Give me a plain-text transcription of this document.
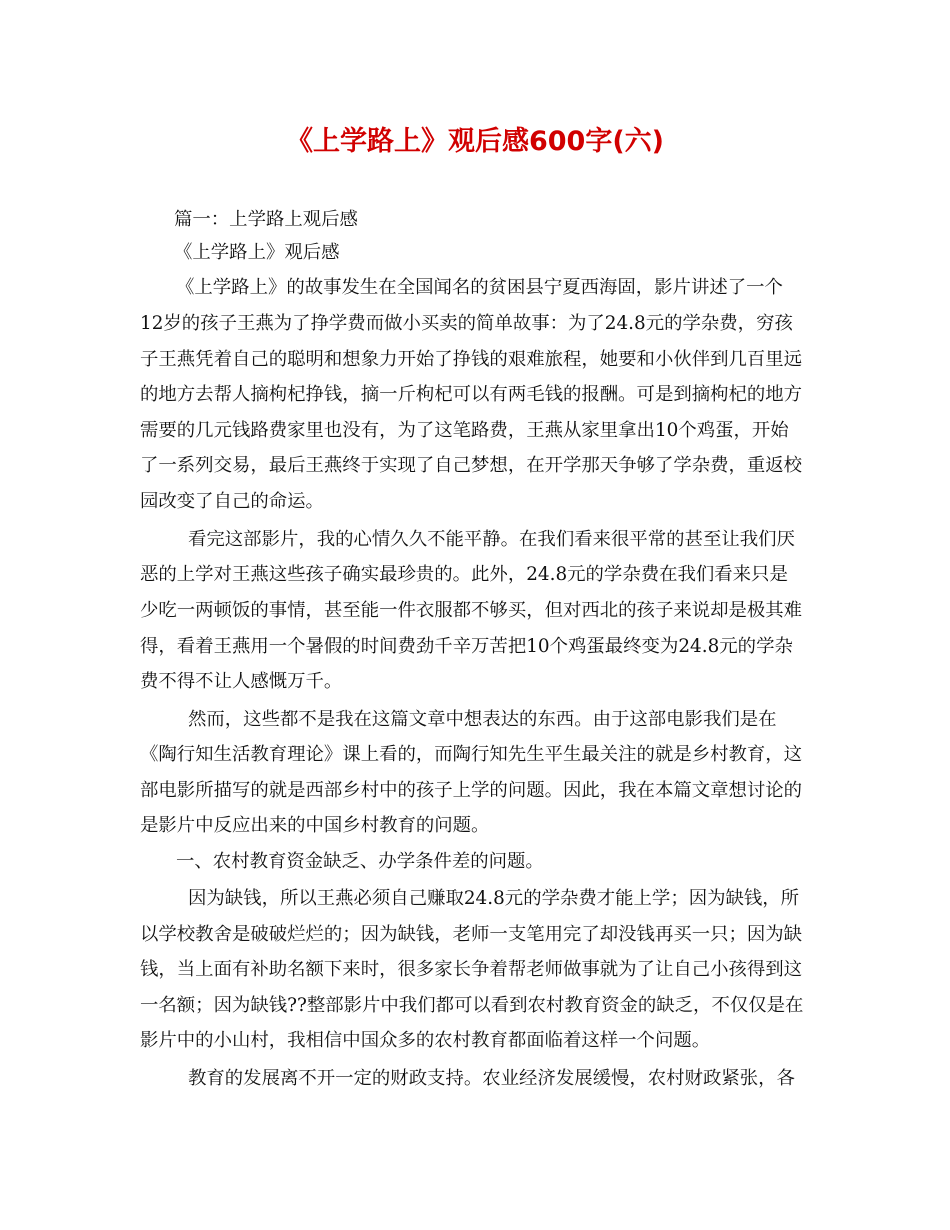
《上学路上》观后感600字(六)

篇一：上学路上观后感

《上学路上》观后感

《上学路上》的故事发生在全国闻名的贫困县宁夏西海固，影片讲述了一个

12岁的孩子王燕为了挣学费而做小买卖的简单故事：为了24.8元的学杂费，穷孩

子王燕凭着自己的聪明和想象力开始了挣钱的艰难旅程，她要和小伙伴到几百里远

的地方去帮人摘枸杞挣钱，摘一斤枸杞可以有两毛钱的报酬。可是到摘枸杞的地方

需要的几元钱路费家里也没有，为了这笔路费，王燕从家里拿出10个鸡蛋，开始

了一系列交易，最后王燕终于实现了自己梦想，在开学那天争够了学杂费，重返校

园改变了自己的命运。

看完这部影片，我的心情久久不能平静。在我们看来很平常的甚至让我们厌

恶的上学对王燕这些孩子确实最珍贵的。此外，24.8元的学杂费在我们看来只是

少吃一两顿饭的事情，甚至能一件衣服都不够买，但对西北的孩子来说却是极其难

得，看着王燕用一个暑假的时间费劲千辛万苦把10个鸡蛋最终变为24.8元的学杂

费不得不让人感慨万千。

然而，这些都不是我在这篇文章中想表达的东西。由于这部电影我们是在

《陶行知生活教育理论》课上看的，而陶行知先生平生最关注的就是乡村教育，这

部电影所描写的就是西部乡村中的孩子上学的问题。因此，我在本篇文章想讨论的

是影片中反应出来的中国乡村教育的问题。

一、农村教育资金缺乏、办学条件差的问题。

因为缺钱，所以王燕必须自己赚取24.8元的学杂费才能上学；因为缺钱，所

以学校教舍是破破烂烂的；因为缺钱，老师一支笔用完了却没钱再买一只；因为缺

钱，当上面有补助名额下来时，很多家长争着帮老师做事就为了让自己小孩得到这

一名额；因为缺钱??整部影片中我们都可以看到农村教育资金的缺乏，不仅仅是在

影片中的小山村，我相信中国众多的农村教育都面临着这样一个问题。

教育的发展离不开一定的财政支持。农业经济发展缓慢，农村财政紧张，各
